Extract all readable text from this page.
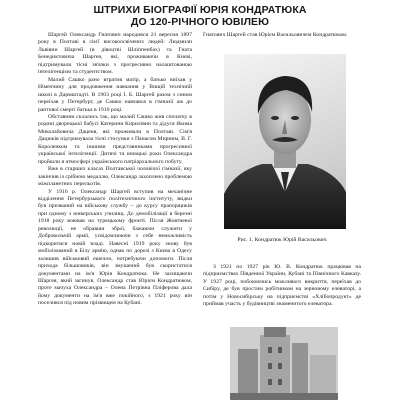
ШТРИХИ БІОГРАФІЇ ЮРІЯ КОНДРАТЮКА
ДО 120-РІЧНОГО ЮВІЛЕЮ

Шаргей Олександр Гнатович народився 21 вересня 1897 року в Полтаві в сім'ї високоосвічених людей: Людмили Львівни Шаргей (в дівоцтві Шліппенбах) та Гната Бенедиктовича Шаргея, які, проживаючи в Києві, підтримували тісні зв'язки з прогресивно налаштованою інтелігенцією та студентством.

Малий Сашко рано втратив матір, а батько виїхав у Німеччину для продовження навчання у Вищій технічній школі в Дармштадті. В 1903 році І. Б. Шаргей разом з сином переїхав у Петербург, де Сашко навчався в гімназії аж до раптової смерті батька в 1910 році.

Обставини склались так, що малий Сашко жив спочатку в родині дворецької бабусі Катерини Кирилівни та дідуся Якима Миколайовича Даценя, які проживали в Полтаві. Сім'я Дацюків підтримувала тісні стосунки з Панасом Мирним, В. Г. Короленком та іншими представниками прогресивної української інтелігенції. Дитячі та юнацькі роки Олександра пройшли в атмосфері українського патріархального побуту.

Вже в старших класах Полтавської чоловічої гімназії, яку закінчив із срібною медаллю, Олександр захоплено проблемою міжпланетних перельотів.

У 1916 р. Олександр Шаргей вступив на механічне відділення Петербурзького політехнічного інституту, звідки був призваний на військову службу – до курсу прапорщиків при одному з юнкерських училищ. До демобілізації в березні 1918 року воював на турецькому фронті. Після Жовтневої революції, не обравши зброї, бажаючи служити у Добровольчій армії, усвідомлюючи з себе неможливість підкоритися новій владі. Навесні 1919 року знову був мобілізований в Білу армію, однак по дорозі з Києва в Одесу залишив військовий ешелон, потребуючи допомоги. Після прихода більшовиків, він змушений був скористатися документами на ім'я Юрія Кондратюка. Не захищаючи Шаргея, який загинув, Олександр став Юрієм Кондратюком, проте мачуха Олександра – Олена Петрівна Пліферова дала йому документи на ім'я вже покійного, з 1921 року він поселився під новим прізвищем на Кубані.

Гнатович Шаргей став Юрієм Васильовичем Кондратюком.

Рис. 1. Кондратюк Юрій Васильович

З 1921 по 1927 рік Ю. В. Кондратюк працював на підприємствах Південної України, Кубані та Північного Кавказу. У 1927 році, побоюючись можливого викриття, переїхав до Сибіру, де був простим робітником на зерновому елеваторі, а потім у Новосибірську на підприємстві «Хлібопродукт» де приймав участь у будівництві знаменитого елеватора.
